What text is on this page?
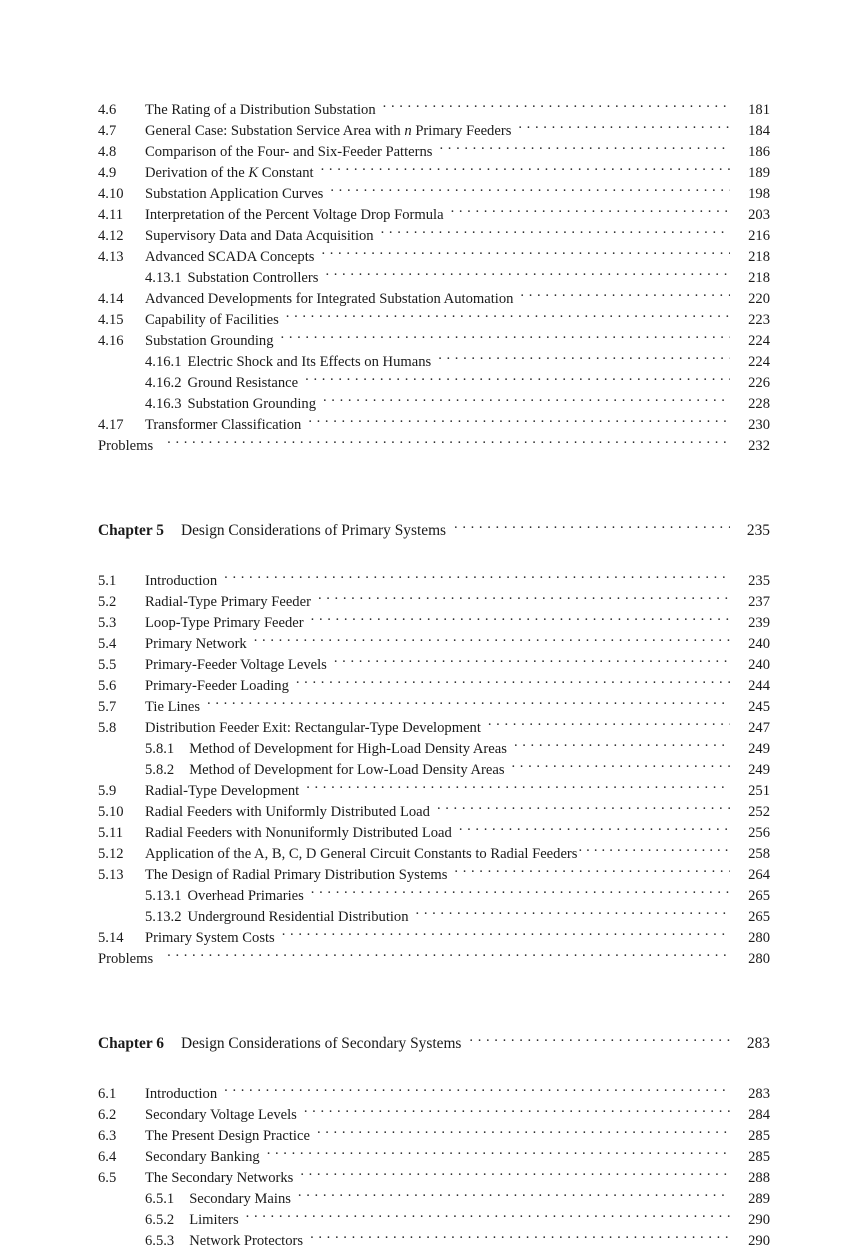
4.6	The Rating of a Distribution Substation . . .	181
4.7	General Case: Substation Service Area with n Primary Feeders . . .	184
4.8	Comparison of the Four- and Six-Feeder Patterns . . .	186
4.9	Derivation of the K Constant . . .	189
4.10	Substation Application Curves . . .	198
4.11	Interpretation of the Percent Voltage Drop Formula . . .	203
4.12	Supervisory Data and Data Acquisition . . .	216
4.13	Advanced SCADA Concepts . . .	218
4.13.1 Substation Controllers . . .	218
4.14	Advanced Developments for Integrated Substation Automation . . .	220
4.15	Capability of Facilities . . .	223
4.16	Substation Grounding . . .	224
4.16.1 Electric Shock and Its Effects on Humans . . .	224
4.16.2 Ground Resistance . . .	226
4.16.3 Substation Grounding . . .	228
4.17	Transformer Classification . . .	230
Problems . . .	232
Chapter 5	Design Considerations of Primary Systems . . .	235
5.1	Introduction . . .	235
5.2	Radial-Type Primary Feeder . . .	237
5.3	Loop-Type Primary Feeder . . .	239
5.4	Primary Network . . .	240
5.5	Primary-Feeder Voltage Levels . . .	240
5.6	Primary-Feeder Loading . . .	244
5.7	Tie Lines . . .	245
5.8	Distribution Feeder Exit: Rectangular-Type Development . . .	247
5.8.1 Method of Development for High-Load Density Areas . . .	249
5.8.2 Method of Development for Low-Load Density Areas . . .	249
5.9	Radial-Type Development . . .	251
5.10	Radial Feeders with Uniformly Distributed Load . . .	252
5.11	Radial Feeders with Nonuniformly Distributed Load . . .	256
5.12	Application of the A, B, C, D General Circuit Constants to Radial Feeders . . .	258
5.13	The Design of Radial Primary Distribution Systems . . .	264
5.13.1 Overhead Primaries . . .	265
5.13.2 Underground Residential Distribution . . .	265
5.14	Primary System Costs . . .	280
Problems . . .	280
Chapter 6	Design Considerations of Secondary Systems . . .	283
6.1	Introduction . . .	283
6.2	Secondary Voltage Levels . . .	284
6.3	The Present Design Practice . . .	285
6.4	Secondary Banking . . .	285
6.5	The Secondary Networks . . .	288
6.5.1 Secondary Mains . . .	289
6.5.2 Limiters . . .	290
6.5.3 Network Protectors . . .	290
